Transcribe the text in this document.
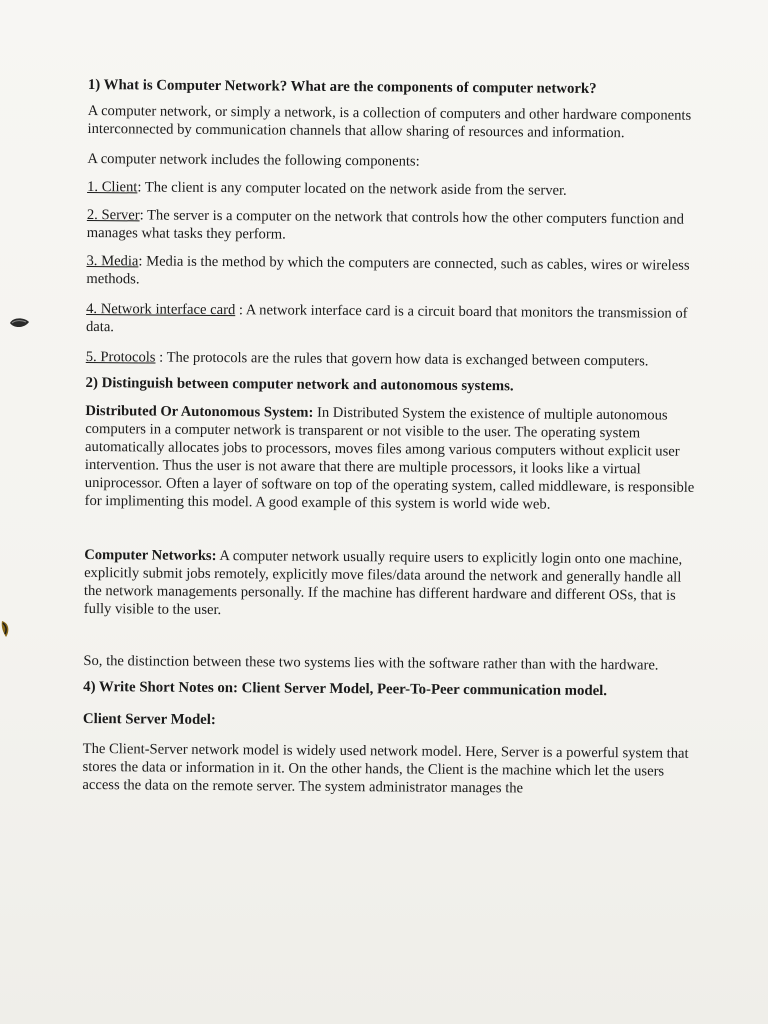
1) What is Computer Network? What are the components of computer network?

A computer network, or simply a network, is a collection of computers and other hardware components interconnected by communication channels that allow sharing of resources and information.

A computer network includes the following components:

1. Client: The client is any computer located on the network aside from the server.

2. Server: The server is a computer on the network that controls how the other computers function and manages what tasks they perform.

3. Media: Media is the method by which the computers are connected, such as cables, wires or wireless methods.

4. Network interface card : A network interface card is a circuit board that monitors the transmission of data.

5. Protocols : The protocols are the rules that govern how data is exchanged between computers.

2) Distinguish between computer network and autonomous systems.

Distributed Or Autonomous System: In Distributed System the existence of multiple autonomous computers in a computer network is transparent or not visible to the user. The operating system automatically allocates jobs to processors, moves files among various computers without explicit user intervention. Thus the user is not aware that there are multiple processors, it looks like a virtual uniprocessor. Often a layer of software on top of the operating system, called middleware, is responsible for implimenting this model. A good example of this system is world wide web.

Computer Networks: A computer network usually require users to explicitly login onto one machine, explicitly submit jobs remotely, explicitly move files/data around the network and generally handle all the network managements personally. If the machine has different hardware and different OSs, that is fully visible to the user.

So, the distinction between these two systems lies with the software rather than with the hardware.

4) Write Short Notes on: Client Server Model, Peer-To-Peer communication model.

Client Server Model:

The Client-Server network model is widely used network model. Here, Server is a powerful system that stores the data or information in it. On the other hands, the Client is the machine which let the users access the data on the remote server. The system administrator manages the
